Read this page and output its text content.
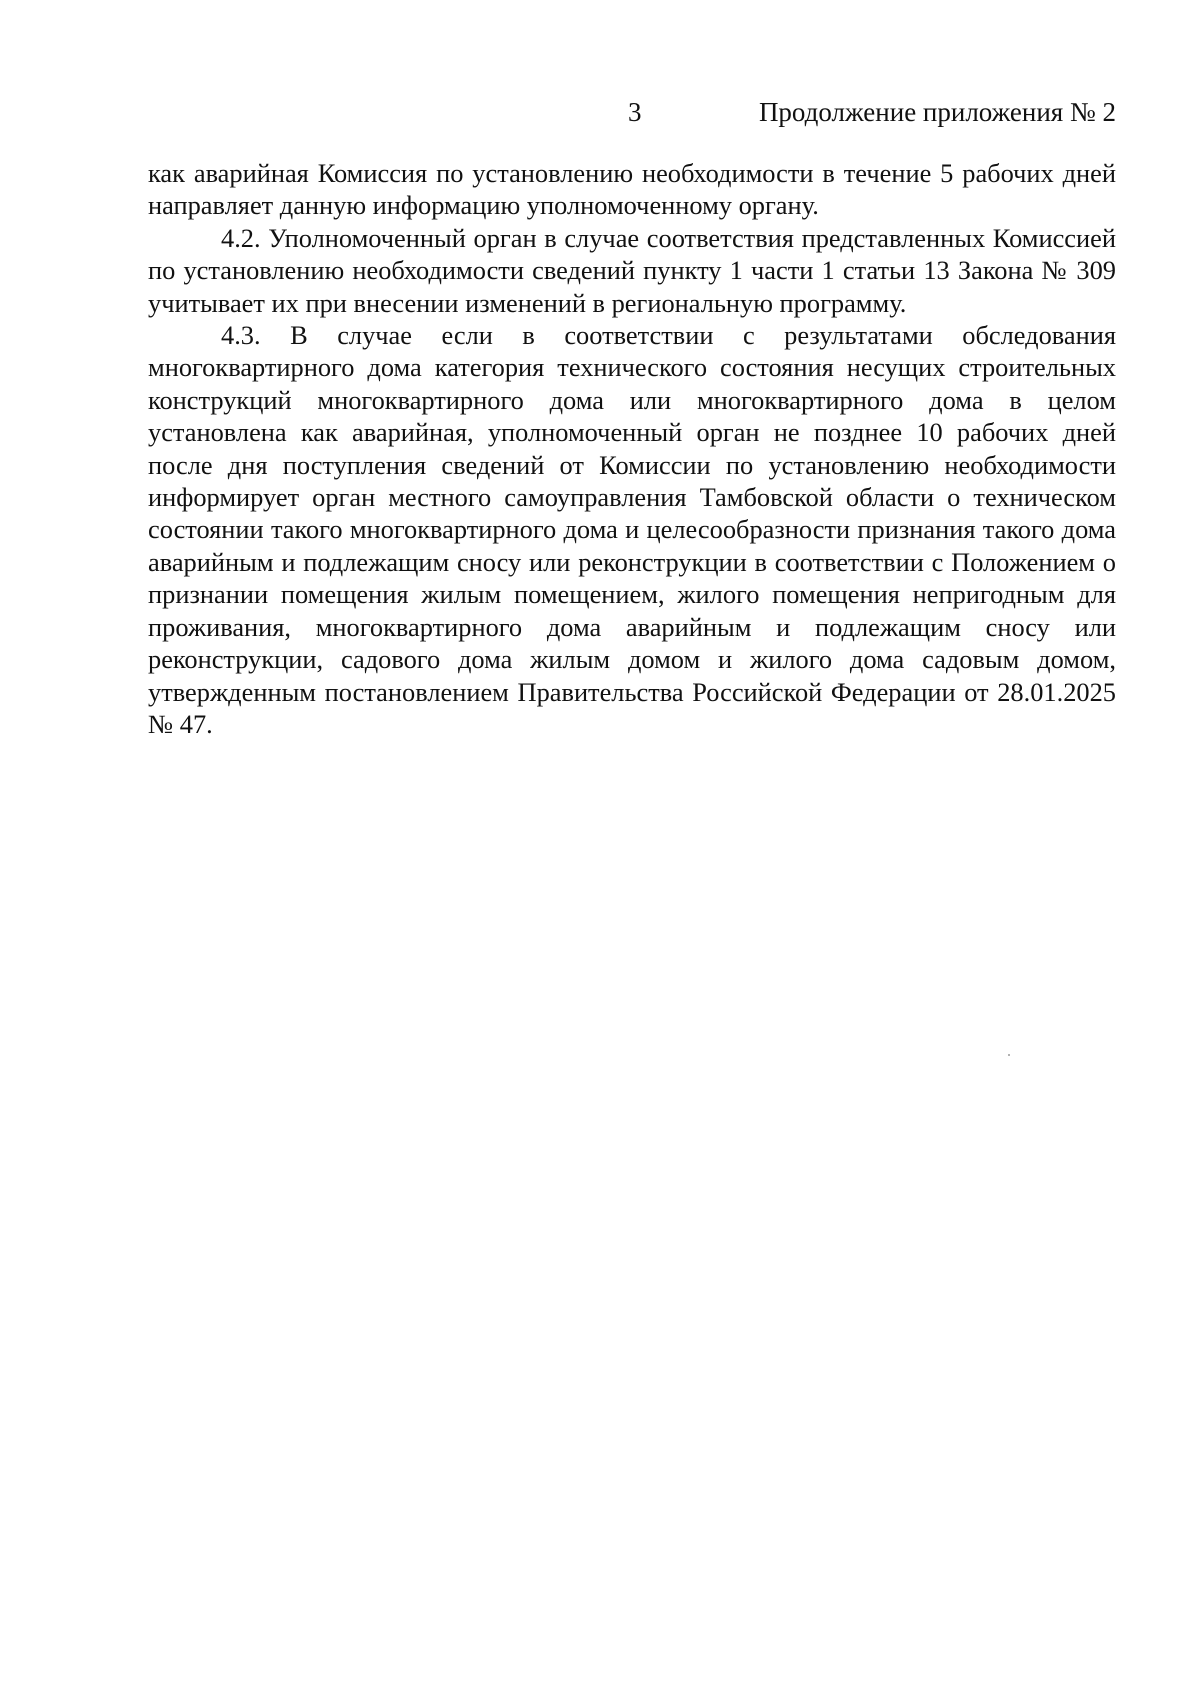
3	Продолжение приложения № 2

как аварийная Комиссия по установлению необходимости в течение 5 рабочих дней направляет данную информацию уполномоченному органу.

4.2. Уполномоченный орган в случае соответствия представленных Комиссией по установлению необходимости сведений пункту 1 части 1 статьи 13 Закона № 309 учитывает их при внесении изменений в региональную программу.

4.3. В случае если в соответствии с результатами обследования многоквартирного дома категория технического состояния несущих строительных конструкций многоквартирного дома или многоквартирного дома в целом установлена как аварийная, уполномоченный орган не позднее 10 рабочих дней после дня поступления сведений от Комиссии по установлению необходимости информирует орган местного самоуправления Тамбовской области о техническом состоянии такого многоквартирного дома и целесообразности признания такого дома аварийным и подлежащим сносу или реконструкции в соответствии с Положением о признании помещения жилым помещением, жилого помещения непригодным для проживания, многоквартирного дома аварийным и подлежащим сносу или реконструкции, садового дома жилым домом и жилого дома садовым домом, утвержденным постановлением Правительства Российской Федерации от 28.01.2025 № 47.
